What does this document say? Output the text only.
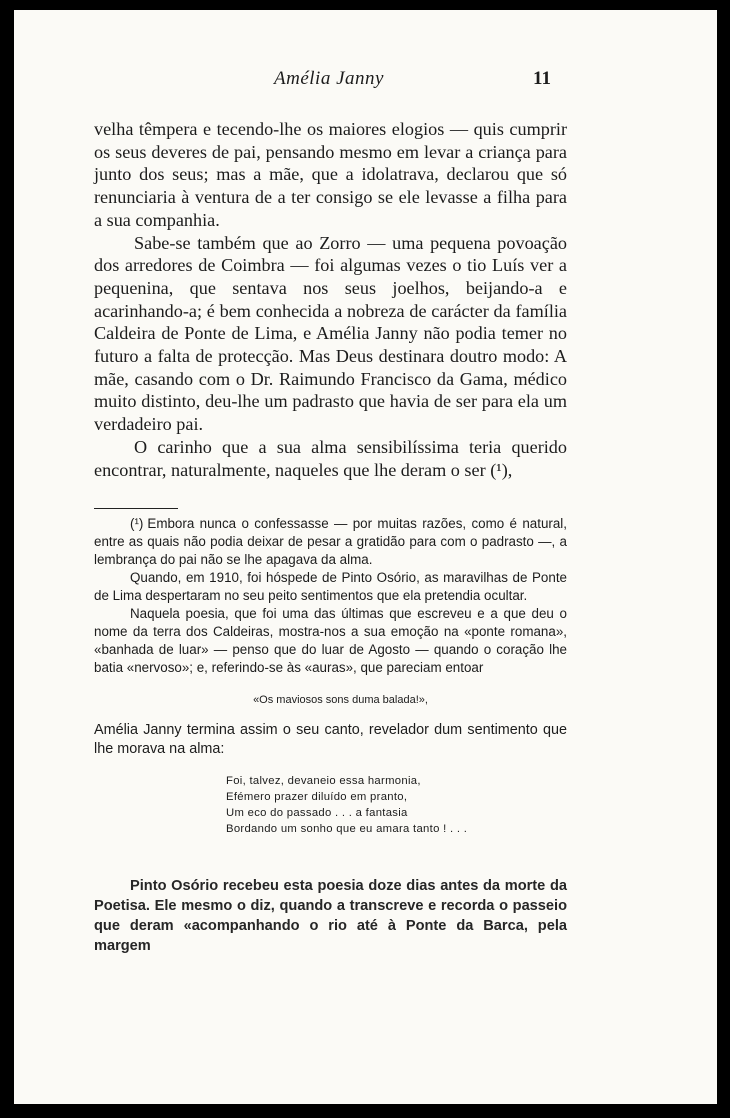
Amélia Janny	11

velha têmpera e tecendo-lhe os maiores elogios — quis cumprir os seus deveres de pai, pensando mesmo em levar a criança para junto dos seus; mas a mãe, que a idolatrava, declarou que só renunciaria à ventura de a ter consigo se ele levasse a filha para a sua companhia.

Sabe-se também que ao Zorro — uma pequena povoação dos arredores de Coimbra — foi algumas vezes o tio Luís ver a pequenina, que sentava nos seus joelhos, beijando-a e acarinhando-a; é bem conhecida a nobreza de carácter da família Caldeira de Ponte de Lima, e Amélia Janny não podia temer no futuro a falta de protecção. Mas Deus destinara doutro modo: A mãe, casando com o Dr. Raimundo Francisco da Gama, médico muito distinto, deu-lhe um padrasto que havia de ser para ela um verdadeiro pai.

O carinho que a sua alma sensibilíssima teria querido encontrar, naturalmente, naqueles que lhe deram o ser (¹),

(¹) Embora nunca o confessasse — por muitas razões, como é natural, entre as quais não podia deixar de pesar a gratidão para com o padrasto —, a lembrança do pai não se lhe apagava da alma.

Quando, em 1910, foi hóspede de Pinto Osório, as maravilhas de Ponte de Lima despertaram no seu peito sentimentos que ela pretendia ocultar.

Naquela poesia, que foi uma das últimas que escreveu e a que deu o nome da terra dos Caldeiras, mostra-nos a sua emoção na «ponte romana», «banhada de luar» — penso que do luar de Agosto — quando o coração lhe batia «nervoso»; e, referindo-se às «auras», que pareciam entoar

«Os maviosos sons duma balada!»,

Amélia Janny termina assim o seu canto, revelador dum sentimento que lhe morava na alma:

Foi, talvez, devaneio essa harmonia,
Efémero prazer diluído em pranto,
Um eco do passado . . . a fantasia
Bordando um sonho que eu amara tanto ! . . .

Pinto Osório recebeu esta poesia doze dias antes da morte da Poetisa. Ele mesmo o diz, quando a transcreve e recorda o passeio que deram «acompanhando o rio até à Ponte da Barca, pela margem
